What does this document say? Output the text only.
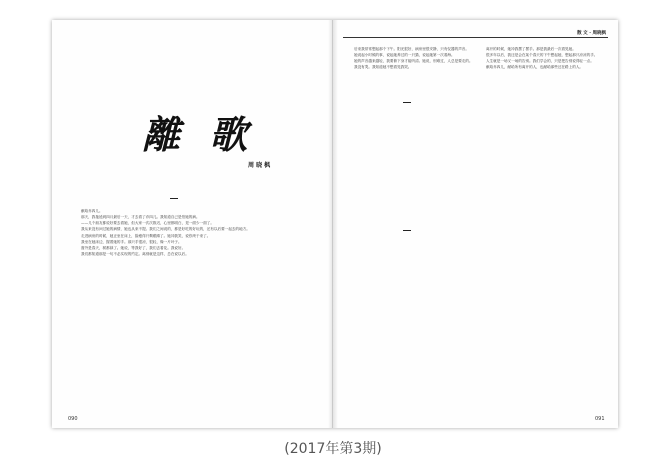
離 歌
周 晓 枫

献给乔四儿。

那天，我拖延到四月最后一天，才去看了乔四儿。我知道自己是怕她的病。

——几个朋友都说好要去看她，但大家一次次推迟，心里都明白，见一面少一面了。

我从来没有问过她的病情，她也从来不提。我们之间说的，都是好吃的好玩的，还有以后要一起去的地方。

走进病房的时候，她正坐在床上，脸瘦得只剩眼睛了。她冲我笑，说你终于来了。

我坐在她床边，握着她的手。那只手很凉，很轻，像一片叶子。

窗外是春天，树都绿了。她说，等我好了，我们去看花。我说好。

我们都知道那是一句不必实现的约定。离别就是这样，总在说以后。

090
散 文 · 周晓枫

后来我常常想起那个下午。阳光很好，病房里很安静，只有仪器的声音。

她说起小时候的事，说起她养过的一只猫，说起她第一次看海。

她的声音越来越轻，我要俯下身才能听清。她说，别难过，人总是要走的。

我没有哭。我知道她不想看见我哭。

离开的时候，她冲我摆了摆手。那是我最后一次看见她。

很多年以后，我还是会在某个春天的下午想起她，想起那只凉凉的手。

人生就是一场又一场的告别。我们学会的，只是把告别说得轻一点。

献给乔四儿，献给所有离开的人，也献给那些还在路上的人。

091
(2017年第3期)
